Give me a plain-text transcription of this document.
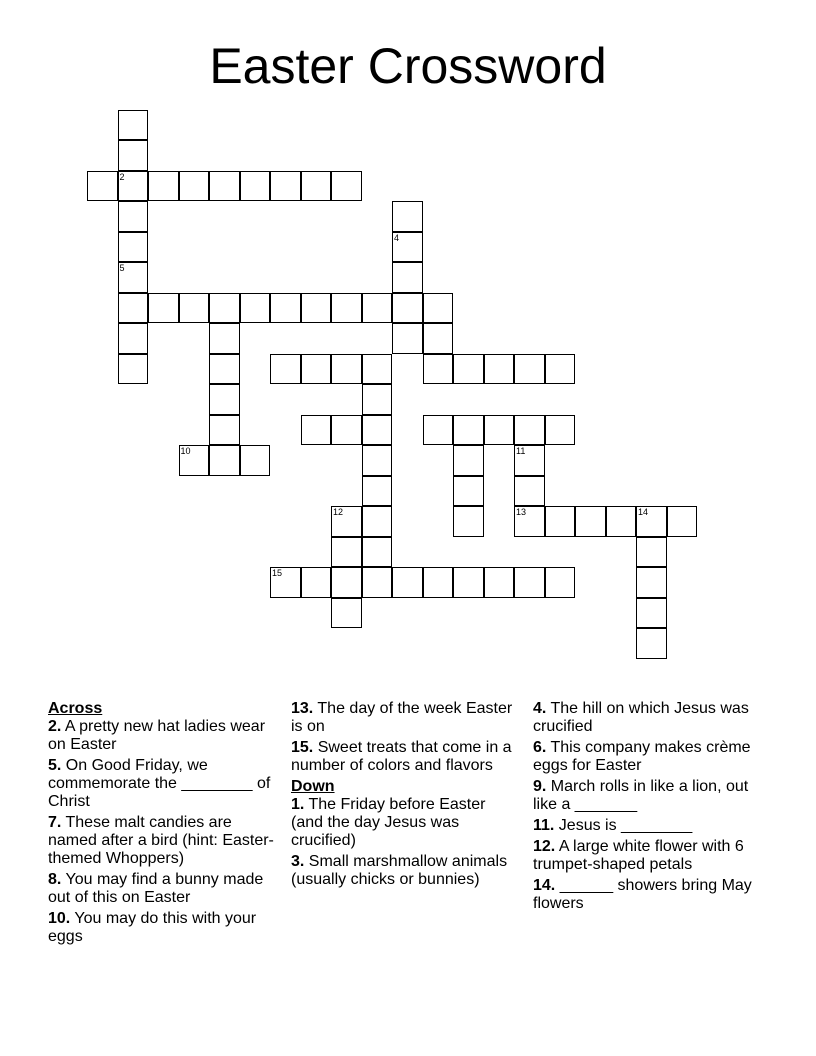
Easter Crossword
2
5
4
10	11
13	14
12
15
Across
2. A pretty new hat ladies wear on Easter
5. On Good Friday, we commemorate the ________ of Christ
7. These malt candies are named after a bird (hint: Easter-themed Whoppers)
8. You may find a bunny made out of this on Easter
10. You may do this with your eggs
13. The day of the week Easter is on
15. Sweet treats that come in a number of colors and flavors
Down
1. The Friday before Easter (and the day Jesus was crucified)
3. Small marshmallow animals (usually chicks or bunnies)
4. The hill on which Jesus was crucified
6. This company makes crème eggs for Easter
9. March rolls in like a lion, out like a _______
11. Jesus is ________
12. A large white flower with 6 trumpet-shaped petals
14. ______ showers bring May flowers
